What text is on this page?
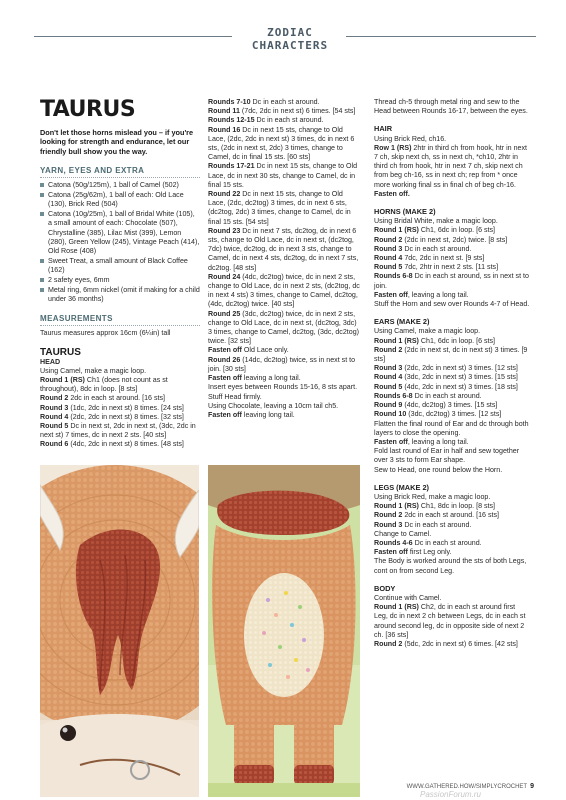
ZODIAC CHARACTERS
TAURUS

Don't let those horns mislead you – if you're looking for strength and endurance, let our friendly bull show you the way.

YARN, EYES AND EXTRA
Catona (50g/125m), 1 ball of Camel (502)
Catona (25g/62m), 1 ball of each: Old Lace (130), Brick Red (504)
Catona (10g/25m), 1 ball of Bridal White (105), a small amount of each: Chocolate (507), Chrystalline (385), Lilac Mist (399), Lemon (280), Green Yellow (245), Vintage Peach (414), Old Rose (408)
Sweet Treat, a small amount of Black Coffee (162)
2 safety eyes, 6mm
Metal ring, 6mm nickel (omit if making for a child under 36 months)
MEASUREMENTS

Taurus measures approx 16cm (6¼in) tall

TAURUS
HEAD

Using Camel, make a magic loop.

Round 1 (RS) Ch1 (does not count as st throughout), 8dc in loop. [8 sts]

Round 2 2dc in each st around. [16 sts]

Round 3 (1dc, 2dc in next st) 8 times. [24 sts]

Round 4 (2dc, 2dc in next st) 8 times. [32 sts]

Round 5 Dc in next st, 2dc in next st, (3dc, 2dc in next st) 7 times, dc in next 2 sts. [40 sts]

Round 6 (4dc, 2dc in next st) 8 times. [48 sts]

Rounds 7-10 Dc in each st around.

Round 11 (7dc, 2dc in next st) 6 times. [54 sts]

Rounds 12-15 Dc in each st around.

Round 16 Dc in next 15 sts, change to Old Lace, (2dc, 2dc in next st) 3 times, dc in next 6 sts, (2dc in next st, 2dc) 3 times, change to Camel, dc in final 15 sts. [60 sts]

Rounds 17-21 Dc in next 15 sts, change to Old Lace, dc in next 30 sts, change to Camel, dc in final 15 sts.

Round 22 Dc in next 15 sts, change to Old Lace, (2dc, dc2tog) 3 times, dc in next 6 sts, (dc2tog, 2dc) 3 times, change to Camel, dc in final 15 sts. [54 sts]

Round 23 Dc in next 7 sts, dc2tog, dc in next 6 sts, change to Old Lace, dc in next st, (dc2tog, 7dc) twice, dc2tog, dc in next 3 sts, change to Camel, dc in next 4 sts, dc2tog, dc in next 7 sts, dc2tog. [48 sts]

Round 24 (4dc, dc2tog) twice, dc in next 2 sts, change to Old Lace, dc in next 2 sts, (dc2tog, dc in next 4 sts) 3 times, change to Camel, dc2tog, (4dc, dc2tog) twice. [40 sts]

Round 25 (3dc, dc2tog) twice, dc in next 2 sts, change to Old Lace, dc in next st, (dc2tog, 3dc) 3 times, change to Camel, dc2tog, (3dc, dc2tog) twice. [32 sts]

Fasten off Old Lace only.

Round 26 (14dc, dc2tog) twice, ss in next st to join. [30 sts]

Fasten off leaving a long tail.

Insert eyes between Rounds 15-16, 8 sts apart. Stuff Head firmly.

Using Chocolate, leaving a 10cm tail ch5.

Fasten off leaving long tail.

Thread ch-5 through metal ring and sew to the Head between Rounds 16-17, between the eyes.

HAIR

Using Brick Red, ch16.

Row 1 (RS) 2htr in third ch from hook, htr in next 7 ch, skip next ch, ss in next ch, *ch10, 2htr in third ch from hook, htr in next 7 ch, skip next ch from beg ch-16, ss in next ch; rep from * once more working final ss in final ch of beg ch-16.

Fasten off.

HORNS (MAKE 2)

Using Bridal White, make a magic loop.

Round 1 (RS) Ch1, 6dc in loop. [6 sts]

Round 2 (2dc in next st, 2dc) twice. [8 sts]

Round 3 Dc in each st around.

Round 4 7dc, 2dc in next st. [9 sts]

Round 5 7dc, 2htr in next 2 sts. [11 sts]

Rounds 6-8 Dc in each st around, ss in next st to join.

Fasten off, leaving a long tail.

Stuff the Horn and sew over Rounds 4-7 of Head.

EARS (MAKE 2)

Using Camel, make a magic loop.

Round 1 (RS) Ch1, 6dc in loop. [6 sts]

Round 2 (2dc in next st, dc in next st) 3 times. [9 sts]

Round 3 (2dc, 2dc in next st) 3 times. [12 sts]

Round 4 (3dc, 2dc in next st) 3 times. [15 sts]

Round 5 (4dc, 2dc in next st) 3 times. [18 sts]

Rounds 6-8 Dc in each st around.

Round 9 (4dc, dc2tog) 3 times. [15 sts]

Round 10 (3dc, dc2tog) 3 times. [12 sts]

Flatten the final round of Ear and dc through both layers to close the opening.

Fasten off, leaving a long tail.

Fold last round of Ear in half and sew together over 3 sts to form Ear shape.

Sew to Head, one round below the Horn.

LEGS (MAKE 2)

Using Brick Red, make a magic loop.

Round 1 (RS) Ch1, 8dc in loop. [8 sts]

Round 2 2dc in each st around. [16 sts]

Round 3 Dc in each st around.

Change to Camel.

Rounds 4-6 Dc in each st around.

Fasten off first Leg only.

The Body is worked around the sts of both Legs, cont on from second Leg.

BODY

Continue with Camel.

Round 1 (RS) Ch2, dc in each st around first Leg, dc in next 2 ch between Legs, dc in each st around second leg, dc in opposite side of next 2 ch. [36 sts]

Round 2 (5dc, 2dc in next st) 6 times. [42 sts]

WWW.GATHERED.HOW/SIMPLYCROCHET 9
PassionForum.ru
